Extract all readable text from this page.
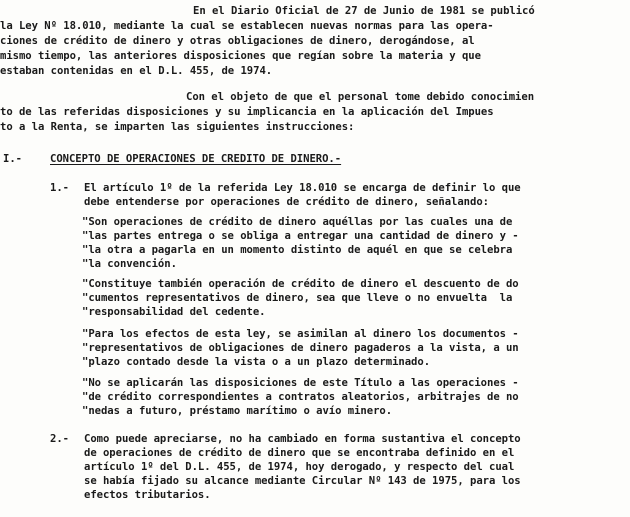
En el Diario Oficial de 27 de Junio de 1981 se publicó
la Ley Nº 18.010, mediante la cual se establecen nuevas normas para las opera-
ciones de crédito de dinero y otras obligaciones de dinero, derogándose, al
mismo tiempo, las anteriores disposiciones que regían sobre la materia y que
estaban contenidas en el D.L. 455, de 1974.
Con el objeto de que el personal tome debido conocimien
to de las referidas disposiciones y su implicancia en la aplicación del Impues
to a la Renta, se imparten las siguientes instrucciones:
I.-	CONCEPTO DE OPERACIONES DE CREDITO DE DINERO.-
1.- El artículo 1º de la referida Ley 18.010 se encarga de definir lo que
debe entenderse por operaciones de crédito de dinero, señalando:
"Son operaciones de crédito de dinero aquéllas por las cuales una de
"las partes entrega o se obliga a entregar una cantidad de dinero y -
"la otra a pagarla en un momento distinto de aquél en que se celebra
"la convención.
"Constituye también operación de crédito de dinero el descuento de do
"cumentos representativos de dinero, sea que lleve o no envuelta  la
"responsabilidad del cedente.
"Para los efectos de esta ley, se asimilan al dinero los documentos -
"representativos de obligaciones de dinero pagaderos a la vista, a un
"plazo contado desde la vista o a un plazo determinado.
"No se aplicarán las disposiciones de este Título a las operaciones -
"de crédito correspondientes a contratos aleatorios, arbitrajes de no
"nedas a futuro, préstamo marítimo o avío minero.
2.- Como puede apreciarse, no ha cambiado en forma sustantiva el concepto
de operaciones de crédito de dinero que se encontraba definido en el
artículo 1º del D.L. 455, de 1974, hoy derogado, y respecto del cual
se había fijado su alcance mediante Circular Nº 143 de 1975, para los
efectos tributarios.
